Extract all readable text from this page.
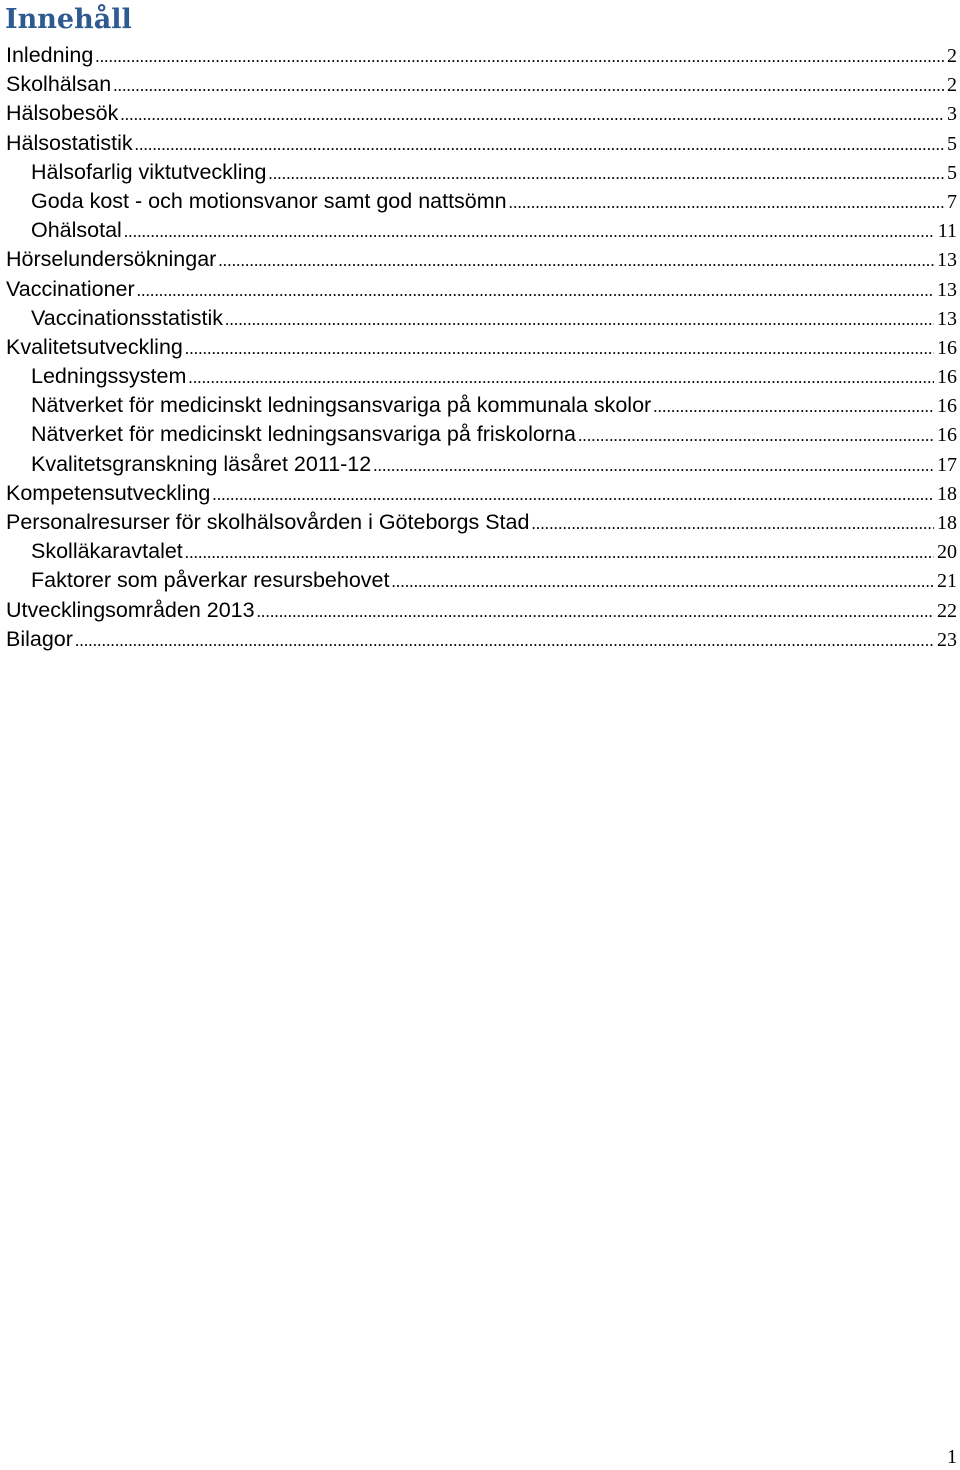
Innehåll
Inledning .....	2
Skolhälsan .....	2
Hälsobesök .....	3
Hälsostatistik .....	5
Hälsofarlig viktutveckling .....	5
Goda kost - och motionsvanor samt god nattsömn .....	7
Ohälsotal .....	11
Hörselundersökningar .....	13
Vaccinationer .....	13
Vaccinationsstatistik .....	13
Kvalitetsutveckling .....	16
Ledningssystem .....	16
Nätverket för medicinskt ledningsansvariga på kommunala skolor .....	16
Nätverket för medicinskt ledningsansvariga på friskolorna .....	16
Kvalitetsgranskning läsåret 2011-12 .....	17
Kompetensutveckling .....	18
Personalresurser för skolhälsovården i Göteborgs Stad .....	18
Skolläkaravtalet .....	20
Faktorer som påverkar resursbehovet .....	21
Utvecklingsområden 2013 .....	22
Bilagor .....	23
1
